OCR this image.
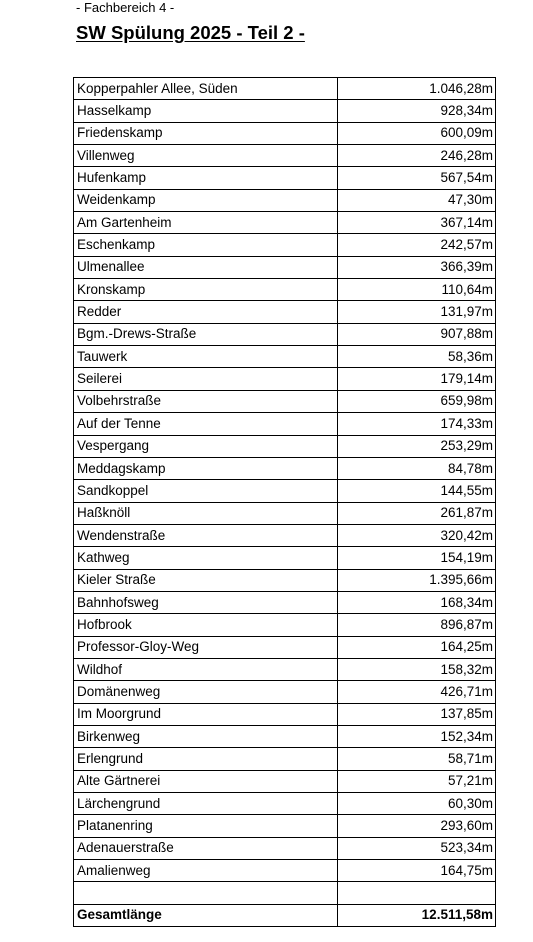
- Fachbereich 4 -

SW Spülung 2025 - Teil 2 -
Kopperpahler Allee, Süden	1.046,28m
Hasselkamp	928,34m
Friedenskamp	600,09m
Villenweg	246,28m
Hufenkamp	567,54m
Weidenkamp	47,30m
Am Gartenheim	367,14m
Eschenkamp	242,57m
Ulmenallee	366,39m
Kronskamp	110,64m
Redder	131,97m
Bgm.-Drews-Straße	907,88m
Tauwerk	58,36m
Seilerei	179,14m
Volbehrstraße	659,98m
Auf der Tenne	174,33m
Vespergang	253,29m
Meddagskamp	84,78m
Sandkoppel	144,55m
Haßknöll	261,87m
Wendenstraße	320,42m
Kathweg	154,19m
Kieler Straße	1.395,66m
Bahnhofsweg	168,34m
Hofbrook	896,87m
Professor-Gloy-Weg	164,25m
Wildhof	158,32m
Domänenweg	426,71m
Im Moorgrund	137,85m
Birkenweg	152,34m
Erlengrund	58,71m
Alte Gärtnerei	57,21m
Lärchengrund	60,30m
Platanenring	293,60m
Adenauerstraße	523,34m
Amalienweg	164,75m

Gesamtlänge	12.511,58m
